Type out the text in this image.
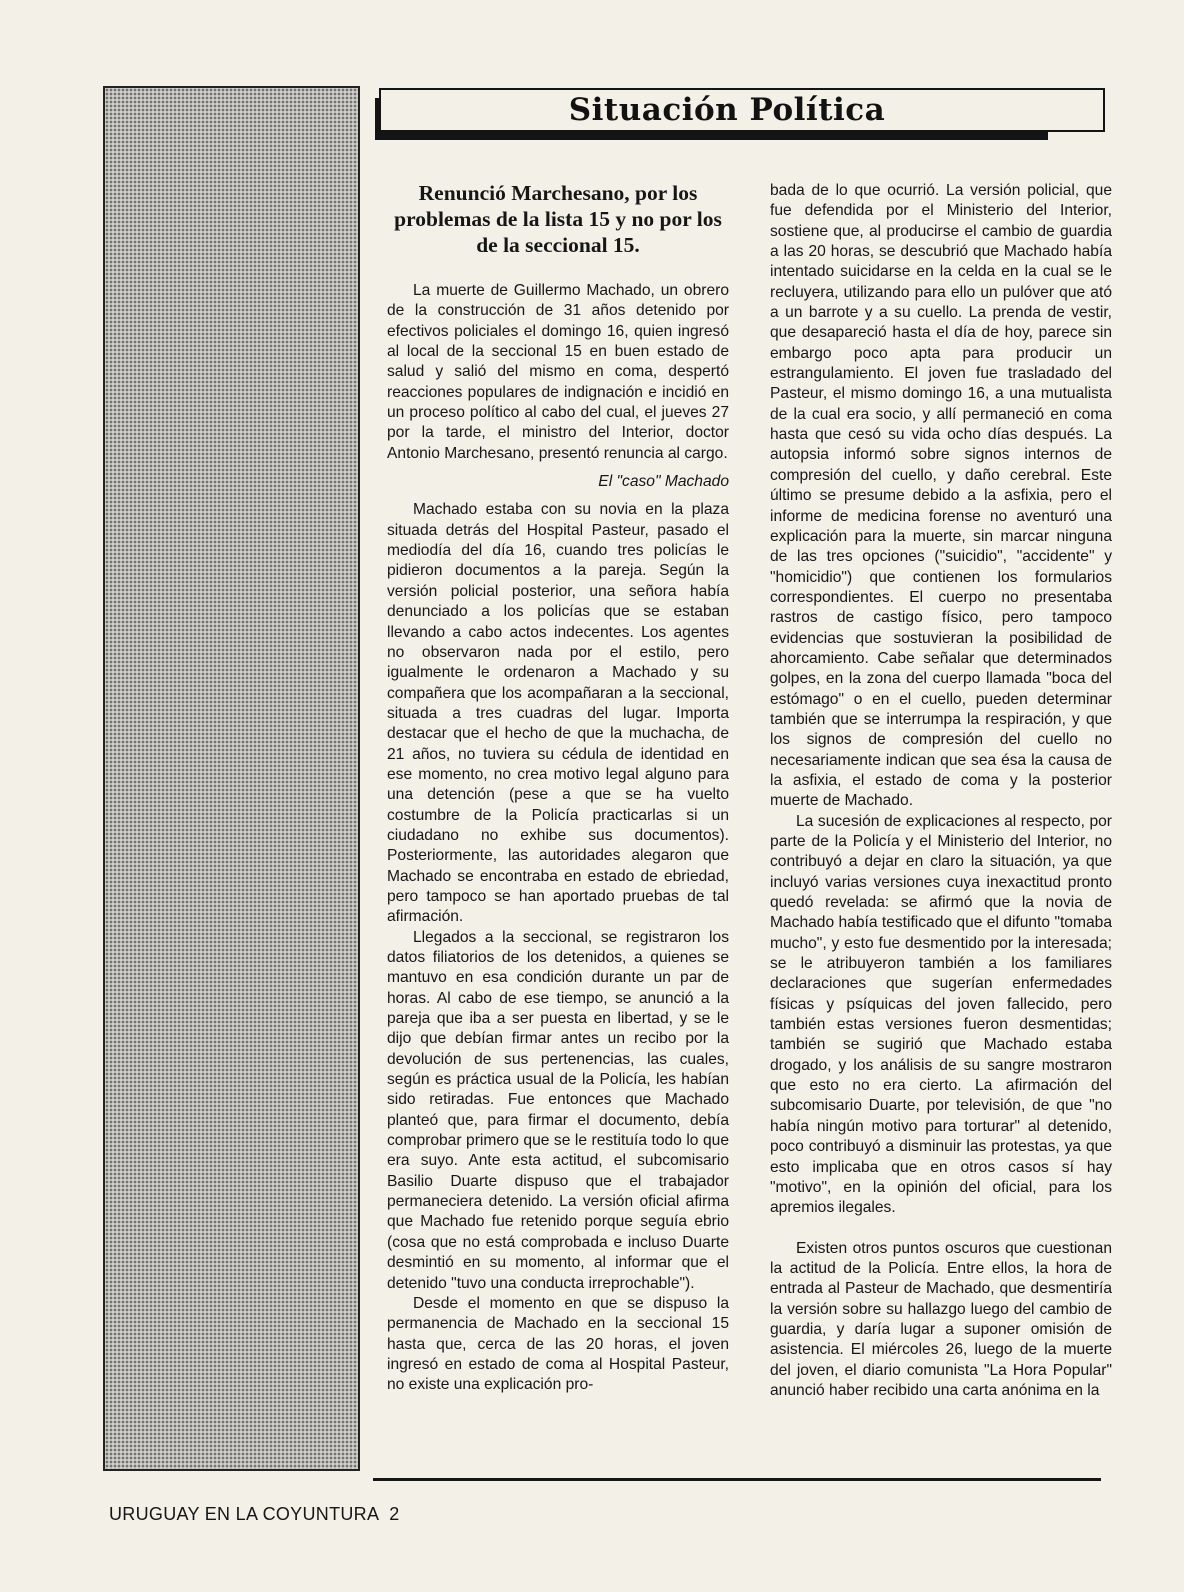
Situación Política
Renunció Marchesano, por los problemas de la lista 15 y no por los de la seccional 15.

La muerte de Guillermo Machado, un obrero de la construcción de 31 años detenido por efectivos policiales el domingo 16, quien ingresó al local de la seccional 15 en buen estado de salud y salió del mismo en coma, despertó reacciones populares de indignación e incidió en un proceso político al cabo del cual, el jueves 27 por la tarde, el ministro del Interior, doctor Antonio Marchesano, presentó renuncia al cargo.

El "caso" Machado

Machado estaba con su novia en la plaza situada detrás del Hospital Pasteur, pasado el mediodía del día 16, cuando tres policías le pidieron documentos a la pareja. Según la versión policial posterior, una señora había denunciado a los policías que se estaban llevando a cabo actos indecentes. Los agentes no observaron nada por el estilo, pero igualmente le ordenaron a Machado y su compañera que los acompañaran a la seccional, situada a tres cuadras del lugar. Importa destacar que el hecho de que la muchacha, de 21 años, no tuviera su cédula de identidad en ese momento, no crea motivo legal alguno para una detención (pese a que se ha vuelto costumbre de la Policía practicarlas si un ciudadano no exhibe sus documentos). Posteriormente, las autoridades alegaron que Machado se encontraba en estado de ebriedad, pero tampoco se han aportado pruebas de tal afirmación.

Llegados a la seccional, se registraron los datos filiatorios de los detenidos, a quienes se mantuvo en esa condición durante un par de horas. Al cabo de ese tiempo, se anunció a la pareja que iba a ser puesta en libertad, y se le dijo que debían firmar antes un recibo por la devolución de sus pertenencias, las cuales, según es práctica usual de la Policía, les habían sido retiradas. Fue entonces que Machado planteó que, para firmar el documento, debía comprobar primero que se le restituía todo lo que era suyo. Ante esta actitud, el subcomisario Basilio Duarte dispuso que el trabajador permaneciera detenido. La versión oficial afirma que Machado fue retenido porque seguía ebrio (cosa que no está comprobada e incluso Duarte desmintió en su momento, al informar que el detenido "tuvo una conducta irreprochable").

Desde el momento en que se dispuso la permanencia de Machado en la seccional 15 hasta que, cerca de las 20 horas, el joven ingresó en estado de coma al Hospital Pasteur, no existe una explicación pro-

bada de lo que ocurrió. La versión policial, que fue defendida por el Ministerio del Interior, sostiene que, al producirse el cambio de guardia a las 20 horas, se descubrió que Machado había intentado suicidarse en la celda en la cual se le recluyera, utilizando para ello un pulóver que ató a un barrote y a su cuello. La prenda de vestir, que desapareció hasta el día de hoy, parece sin embargo poco apta para producir un estrangulamiento. El joven fue trasladado del Pasteur, el mismo domingo 16, a una mutualista de la cual era socio, y allí permaneció en coma hasta que cesó su vida ocho días después. La autopsia informó sobre signos internos de compresión del cuello, y daño cerebral. Este último se presume debido a la asfixia, pero el informe de medicina forense no aventuró una explicación para la muerte, sin marcar ninguna de las tres opciones ("suicidio", "accidente" y "homicidio") que contienen los formularios correspondientes. El cuerpo no presentaba rastros de castigo físico, pero tampoco evidencias que sostuvieran la posibilidad de ahorcamiento. Cabe señalar que determinados golpes, en la zona del cuerpo llamada "boca del estómago" o en el cuello, pueden determinar también que se interrumpa la respiración, y que los signos de compresión del cuello no necesariamente indican que sea ésa la causa de la asfixia, el estado de coma y la posterior muerte de Machado.

La sucesión de explicaciones al respecto, por parte de la Policía y el Ministerio del Interior, no contribuyó a dejar en claro la situación, ya que incluyó varias versiones cuya inexactitud pronto quedó revelada: se afirmó que la novia de Machado había testificado que el difunto "tomaba mucho", y esto fue desmentido por la interesada; se le atribuyeron también a los familiares declaraciones que sugerían enfermedades físicas y psíquicas del joven fallecido, pero también estas versiones fueron desmentidas; también se sugirió que Machado estaba drogado, y los análisis de su sangre mostraron que esto no era cierto. La afirmación del subcomisario Duarte, por televisión, de que "no había ningún motivo para torturar" al detenido, poco contribuyó a disminuir las protestas, ya que esto implicaba que en otros casos sí hay "motivo", en la opinión del oficial, para los apremios ilegales.

Existen otros puntos oscuros que cuestionan la actitud de la Policía. Entre ellos, la hora de entrada al Pasteur de Machado, que desmentiría la versión sobre su hallazgo luego del cambio de guardia, y daría lugar a suponer omisión de asistencia. El miércoles 26, luego de la muerte del joven, el diario comunista "La Hora Popular" anunció haber recibido una carta anónima en la

URUGUAY EN LA COYUNTURA 2
